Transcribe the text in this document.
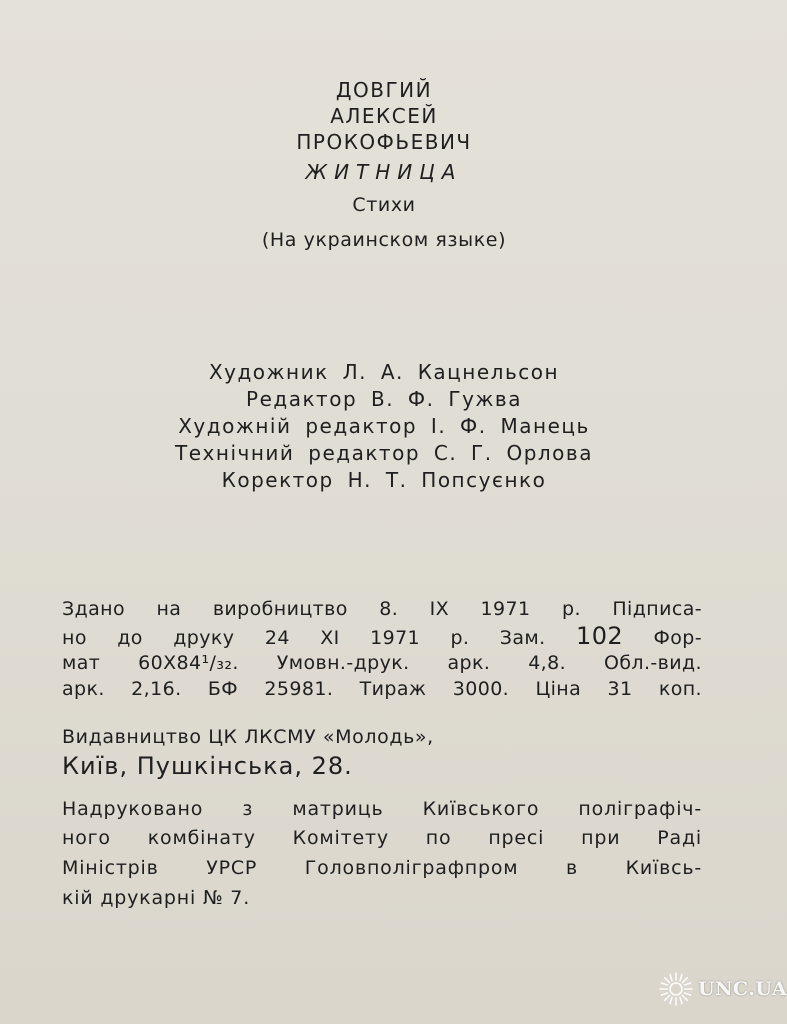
ДОВГИЙ
АЛЕКСЕЙ
ПРОКОФЬЕВИЧ
ЖИТНИЦА
Стихи
(На украинском языке)
Художник Л. А. Кацнельсон
Редактор В. Ф. Гужва
Художній редактор І. Ф. Манець
Технічний редактор С. Г. Орлова
Коректор Н. Т. Попсуєнко
Здано на виробництво 8. IX 1971 р. Підписа-
но до друку 24 XI 1971 р. Зам. 102 Фор-
мат 60Х84¹/₃₂. Умовн.-друк. арк. 4,8. Обл.-вид.
арк. 2,16. БФ 25981. Тираж 3000. Ціна 31 коп.
Видавництво ЦК ЛКСМУ «Молодь»,
Київ, Пушкінська, 28.
Надруковано з матриць Київського поліграфіч-
ного комбінату Комітету по пресі при Раді
Міністрів УРСР Головполіграфпром в Київсь-
кій друкарні № 7.
UNC.UA
